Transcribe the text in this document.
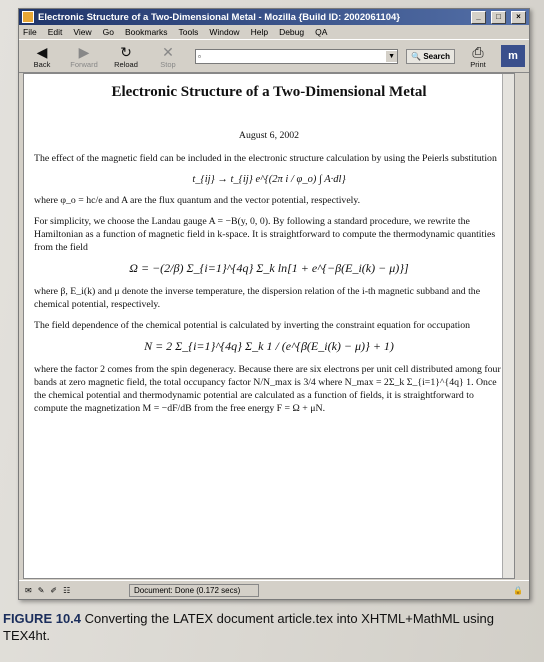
Electronic Structure of a Two-Dimensional Metal - Mozilla {Build ID: 2002061104}	_	□	×
File Edit View Go Bookmarks Tools Window Help Debug QA
◀
Back
▶
Forward
↻
Reload
✕
Stop
▫	▼	🔍 Search	⎙
Print
m
Electronic Structure of a Two-Dimensional Metal
August 6, 2002

The effect of the magnetic field can be included in the electronic structure calculation by using the Peierls substitution

t_{ij} → t_{ij} e^{(2π i / φ_o) ∫ A·dl}

where φ_o = hc/e and A are the flux quantum and the vector potential, respectively.

For simplicity, we choose the Landau gauge A = −B(y, 0, 0). By following a standard procedure, we rewrite the Hamiltonian as a function of magnetic field in k-space. It is straightforward to compute the thermodynamic quantities from the field

Ω = −(2/β) Σ_{i=1}^{4q} Σ_k ln[1 + e^{−β(E_i(k) − μ)}]

where β, E_i(k) and μ denote the inverse temperature, the dispersion relation of the i-th magnetic subband and the chemical potential, respectively.

The field dependence of the chemical potential is calculated by inverting the constraint equation for occupation

N = 2 Σ_{i=1}^{4q} Σ_k 1 / (e^{β(E_i(k) − μ)} + 1)

where the factor 2 comes from the spin degeneracy. Because there are six electrons per unit cell distributed among four bands at zero magnetic field, the total occupancy factor N/N_max is 3/4 where N_max = 2Σ_k Σ_{i=1}^{4q} 1. Once the chemical potential and thermodynamic potential are calculated as a function of fields, it is straightforward to compute the magnetization M = −dF/dB from the free energy F = Ω + μN.

✉ ✎ ✐ ☷	Document: Done (0.172 secs)	🔒
FIGURE 10.4 Converting the LATEX document article.tex into XHTML+MathML using TEX4ht.
